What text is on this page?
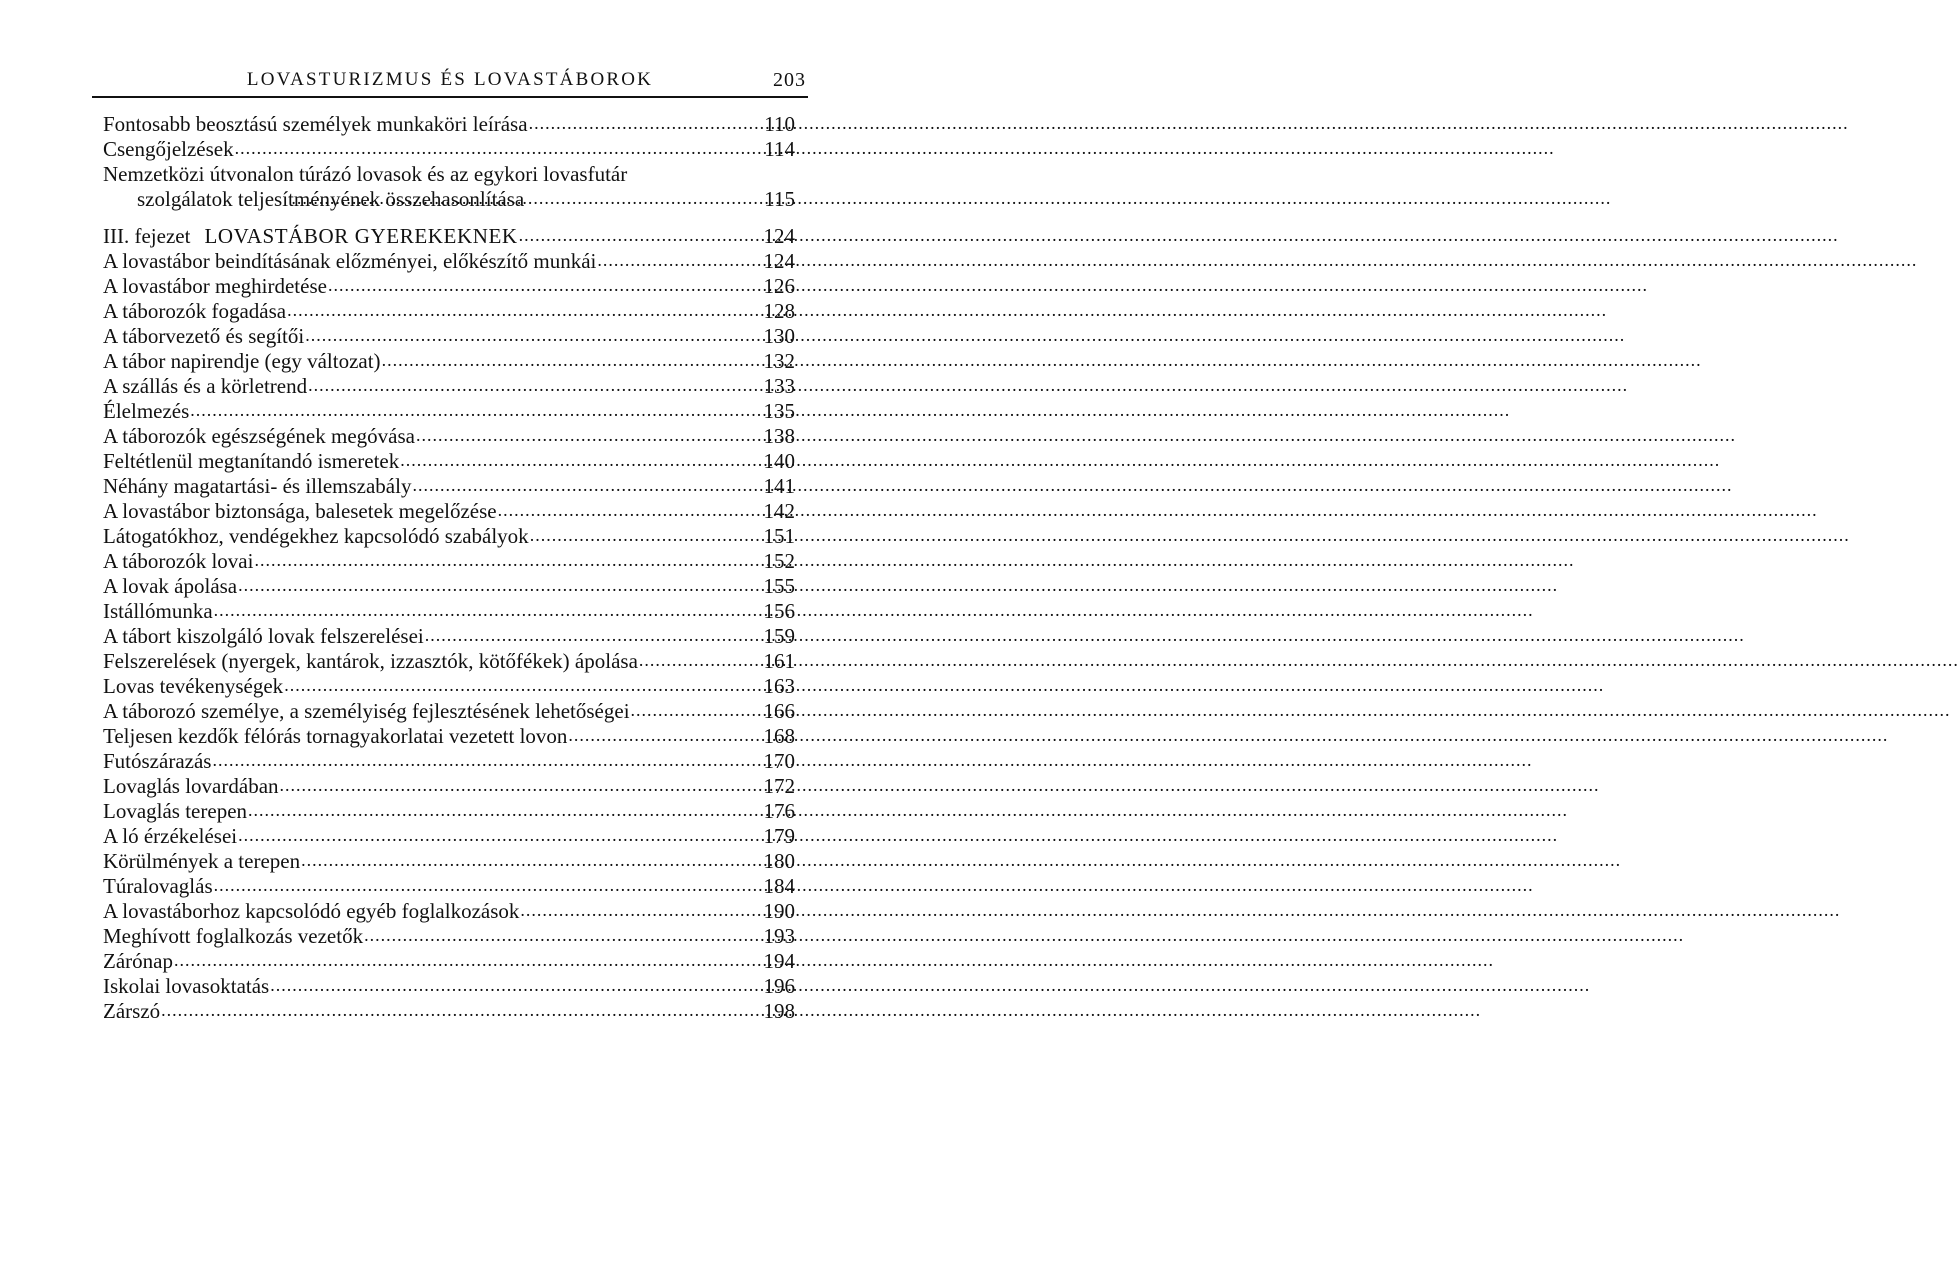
LOVASTURIZMUS ÉS LOVASTÁBOROK	203
Fontosabb beosztású személyek munkaköri leírása .....	110
Csengőjelzések .....	114
Nemzetközi útvonalon túrázó lovasok és az egykori lovasfutár
szolgálatok teljesítményének összehasonlítása .....	115
III. fejezet LOVASTÁBOR GYEREKEKNEK .....	124
A lovastábor beindításának előzményei, előkészítő munkái .....	124
A lovastábor meghirdetése .....	126
A táborozók fogadása .....	128
A táborvezető és segítői .....	130
A tábor napirendje (egy változat) .....	132
A szállás és a körletrend .....	133
Élelmezés .....	135
A táborozók egészségének megóvása .....	138
Feltétlenül megtanítandó ismeretek .....	140
Néhány magatartási- és illemszabály .....	141
A lovastábor biztonsága, balesetek megelőzése .....	142
Látogatókhoz, vendégekhez kapcsolódó szabályok .....	151
A táborozók lovai .....	152
A lovak ápolása .....	155
Istállómunka .....	156
A tábort kiszolgáló lovak felszerelései .....	159
Felszerelések (nyergek, kantárok, izzasztók, kötőfékek) ápolása .....	161
Lovas tevékenységek .....	163
A táborozó személye, a személyiség fejlesztésének lehetőségei .....	166
Teljesen kezdők félórás tornagyakorlatai vezetett lovon .....	168
Futószárazás .....	170
Lovaglás lovardában .....	172
Lovaglás terepen .....	176
A ló érzékelései .....	179
Körülmények a terepen .....	180
Túralovaglás .....	184
A lovastáborhoz kapcsolódó egyéb foglalkozások .....	190
Meghívott foglalkozás vezetők .....	193
Zárónap .....	194
Iskolai lovasoktatás .....	196
Zárszó .....	198
